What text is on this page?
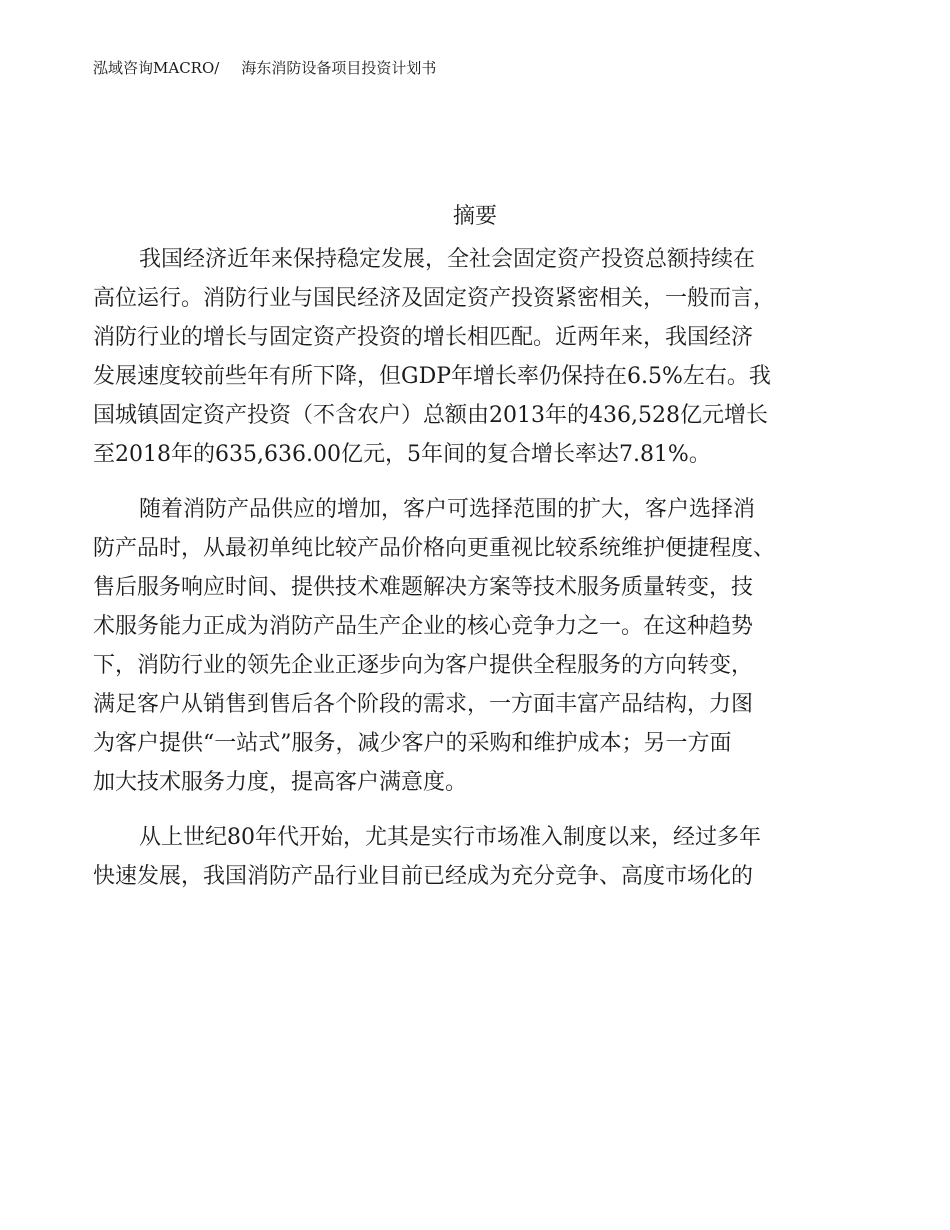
泓域咨询MACRO/ 海东消防设备项目投资计划书
摘要
我国经济近年来保持稳定发展，全社会固定资产投资总额持续在
高位运行。消防行业与国民经济及固定资产投资紧密相关，一般而言，
消防行业的增长与固定资产投资的增长相匹配。近两年来，我国经济
发展速度较前些年有所下降，但GDP年增长率仍保持在6.5%左右。我
国城镇固定资产投资（不含农户）总额由2013年的436,528亿元增长
至2018年的635,636.00亿元，5年间的复合增长率达7.81%。
随着消防产品供应的增加，客户可选择范围的扩大，客户选择消
防产品时，从最初单纯比较产品价格向更重视比较系统维护便捷程度、
售后服务响应时间、提供技术难题解决方案等技术服务质量转变，技
术服务能力正成为消防产品生产企业的核心竞争力之一。在这种趋势
下，消防行业的领先企业正逐步向为客户提供全程服务的方向转变，
满足客户从销售到售后各个阶段的需求，一方面丰富产品结构，力图
为客户提供“一站式”服务，减少客户的采购和维护成本；另一方面
加大技术服务力度，提高客户满意度。
从上世纪80年代开始，尤其是实行市场准入制度以来，经过多年
快速发展，我国消防产品行业目前已经成为充分竞争、高度市场化的
